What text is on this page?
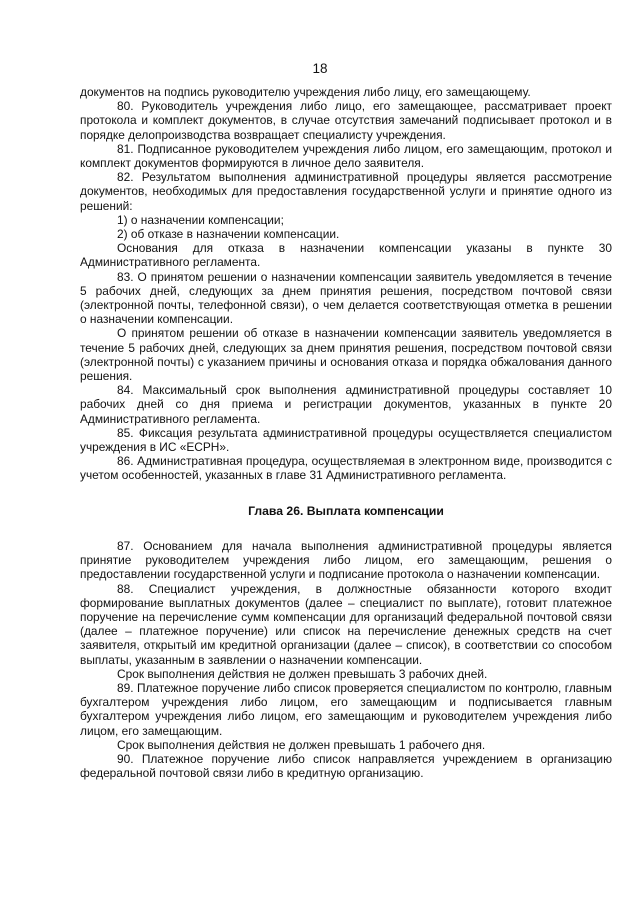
18

документов на подпись руководителю учреждения либо лицу, его замещающему.

80. Руководитель учреждения либо лицо, его замещающее, рассматривает проект протокола и комплект документов, в случае отсутствия замечаний подписывает протокол и в порядке делопроизводства возвращает специалисту учреждения.

81. Подписанное руководителем учреждения либо лицом, его замещающим, протокол и комплект документов формируются в личное дело заявителя.

82. Результатом выполнения административной процедуры является рассмотрение документов, необходимых для предоставления государственной услуги и принятие одного из решений:

1) о назначении компенсации;

2) об отказе в назначении компенсации.

Основания для отказа в назначении компенсации указаны в пункте 30 Административного регламента.

83. О принятом решении о назначении компенсации заявитель уведомляется в течение 5 рабочих дней, следующих за днем принятия решения, посредством почтовой связи (электронной почты, телефонной связи), о чем делается соответствующая отметка в решении о назначении компенсации.

О принятом решении об отказе в назначении компенсации заявитель уведомляется в течение 5 рабочих дней, следующих за днем принятия решения, посредством почтовой связи (электронной почты) с указанием причины и основания отказа и порядка обжалования данного решения.

84. Максимальный срок выполнения административной процедуры составляет 10 рабочих дней со дня приема и регистрации документов, указанных в пункте 20 Административного регламента.

85. Фиксация результата административной процедуры осуществляется специалистом учреждения в ИС «ЕСРН».

86. Административная процедура, осуществляемая в электронном виде, производится с учетом особенностей, указанных в главе 31 Административного регламента.

Глава 26. Выплата компенсации

87. Основанием для начала выполнения административной процедуры является принятие руководителем учреждения либо лицом, его замещающим, решения о предоставлении государственной услуги и подписание протокола о назначении компенсации.

88. Специалист учреждения, в должностные обязанности которого входит формирование выплатных документов (далее – специалист по выплате), готовит платежное поручение на перечисление сумм компенсации для организаций федеральной почтовой связи (далее – платежное поручение) или список на перечисление денежных средств на счет заявителя, открытый им кредитной организации (далее – список), в соответствии со способом выплаты, указанным в заявлении о назначении компенсации.

Срок выполнения действия не должен превышать 3 рабочих дней.

89. Платежное поручение либо список проверяется специалистом по контролю, главным бухгалтером учреждения либо лицом, его замещающим и подписывается главным бухгалтером учреждения либо лицом, его замещающим и руководителем учреждения либо лицом, его замещающим.

Срок выполнения действия не должен превышать 1 рабочего дня.

90. Платежное поручение либо список направляется учреждением в организацию федеральной почтовой связи либо в кредитную организацию.
